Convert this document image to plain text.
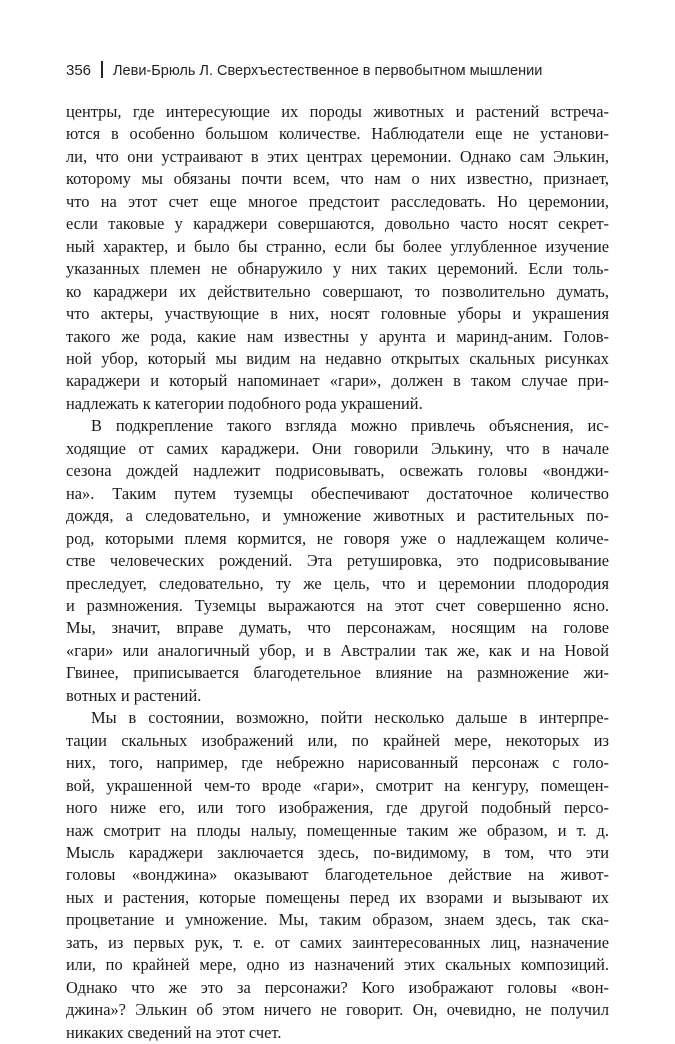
356 Леви-Брюль Л. Сверхъестественное в первобытном мышлении
центры, где интересующие их породы животных и растений встреча-
ются в особенно большом количестве. Наблюдатели еще не установи-
ли, что они устраивают в этих центрах церемонии. Однако сам Элькин,
которому мы обязаны почти всем, что нам о них известно, признает,
что на этот счет еще многое предстоит расследовать. Но церемонии,
если таковые у караджери совершаются, довольно часто носят секрет-
ный характер, и было бы странно, если бы более углубленное изучение
указанных племен не обнаружило у них таких церемоний. Если толь-
ко караджери их действительно совершают, то позволительно думать,
что актеры, участвующие в них, носят головные уборы и украшения
такого же рода, какие нам известны у арунта и маринд-аним. Голов-
ной убор, который мы видим на недавно открытых скальных рисунках
караджери и который напоминает «гари», должен в таком случае при-
надлежать к категории подобного рода украшений.
В подкрепление такого взгляда можно привлечь объяснения, ис-
ходящие от самих караджери. Они говорили Элькину, что в начале
сезона дождей надлежит подрисовывать, освежать головы «вонджи-
на». Таким путем туземцы обеспечивают достаточное количество
дождя, а следовательно, и умножение животных и растительных по-
род, которыми племя кормится, не говоря уже о надлежащем количе-
стве человеческих рождений. Эта ретушировка, это подрисовывание
преследует, следовательно, ту же цель, что и церемонии плодородия
и размножения. Туземцы выражаются на этот счет совершенно ясно.
Мы, значит, вправе думать, что персонажам, носящим на голове
«гари» или аналогичный убор, и в Австралии так же, как и на Новой
Гвинее, приписывается благодетельное влияние на размножение жи-
вотных и растений.
Мы в состоянии, возможно, пойти несколько дальше в интерпре-
тации скальных изображений или, по крайней мере, некоторых из
них, того, например, где небрежно нарисованный персонаж с голо-
вой, украшенной чем-то вроде «гари», смотрит на кенгуру, помещен-
ного ниже его, или того изображения, где другой подобный персо-
наж смотрит на плоды налыу, помещенные таким же образом, и т. д.
Мысль караджери заключается здесь, по-видимому, в том, что эти
головы «вонджина» оказывают благодетельное действие на живот-
ных и растения, которые помещены перед их взорами и вызывают их
процветание и умножение. Мы, таким образом, знаем здесь, так ска-
зать, из первых рук, т. е. от самих заинтересованных лиц, назначение
или, по крайней мере, одно из назначений этих скальных композиций.
Однако что же это за персонажи? Кого изображают головы «вон-
джина»? Элькин об этом ничего не говорит. Он, очевидно, не получил
никаких сведений на этот счет.
